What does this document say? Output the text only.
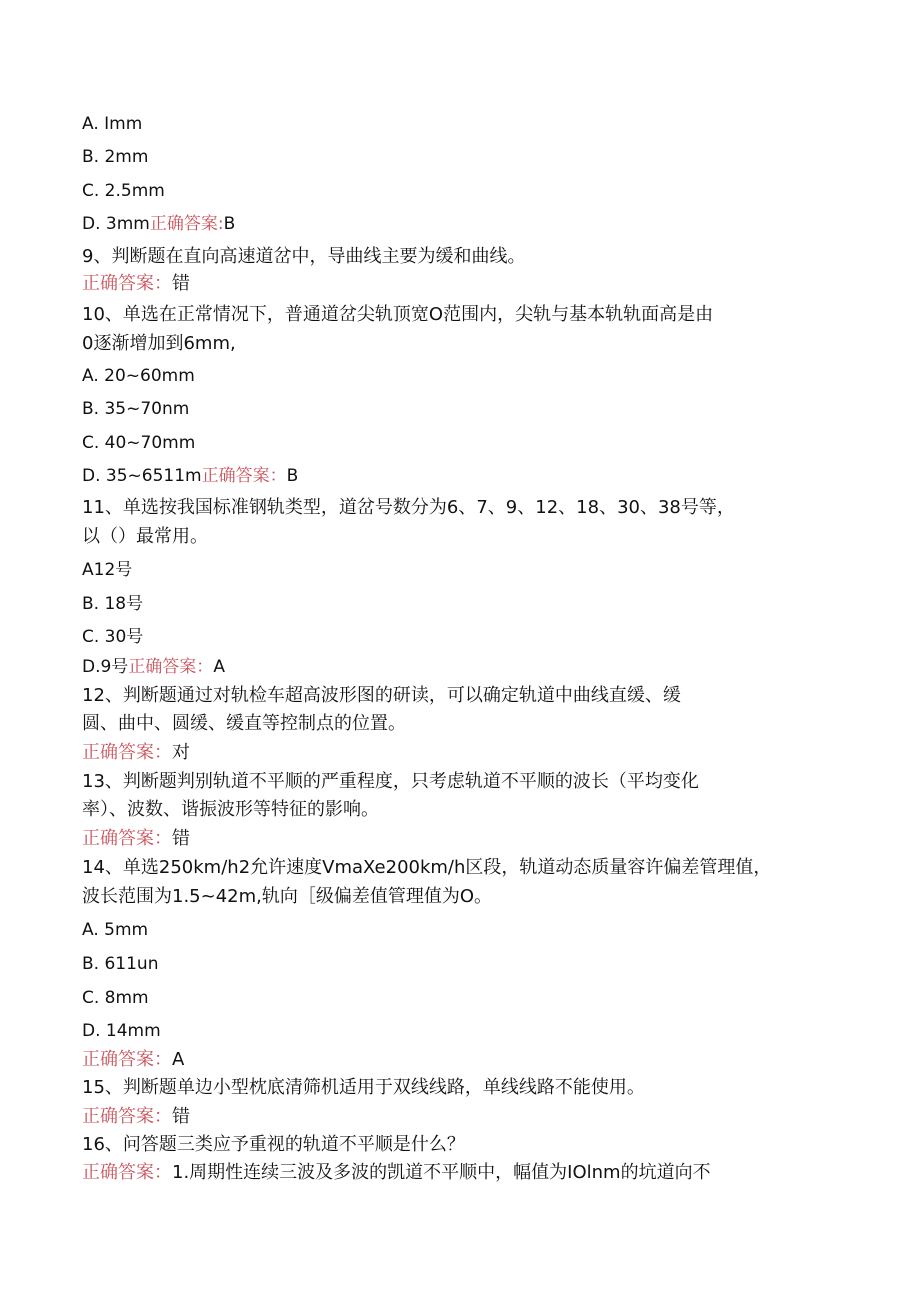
A. Imm
B. 2mm
C. 2.5mm
D. 3mm正确答案:B
9、判断题在直向高速道岔中，导曲线主要为缓和曲线。
正确答案：错
10、单选在正常情况下，普通道岔尖轨顶宽O范围内，尖轨与基本轨轨面高是由
0逐渐增加到6mm,
A. 20~60mm
B. 35~70nm
C. 40~70mm
D. 35~6511m正确答案：B
11、单选按我国标准钢轨类型，道岔号数分为6、7、9、12、18、30、38号等，
以（）最常用。
A12号
B. 18号
C. 30号
D.9号正确答案：A
12、判断题通过对轨检车超高波形图的研读，可以确定轨道中曲线直缓、缓
圆、曲中、圆缓、缓直等控制点的位置。
正确答案：对
13、判断题判别轨道不平顺的严重程度，只考虑轨道不平顺的波长（平均变化
率）、波数、谐振波形等特征的影响。
正确答案：错
14、单选250km∕h2允许速度VmaXe200km∕h区段，轨道动态质量容许偏差管理值，
波长范围为1.5~42m,轨向［级偏差值管理值为O。
A. 5mm
B. 611un
C. 8mm
D. 14mm
正确答案：A
15、判断题单边小型枕底清筛机适用于双线线路，单线线路不能使用。
正确答案：错
16、问答题三类应予重视的轨道不平顺是什么？
正确答案：1.周期性连续三波及多波的凯道不平顺中，幅值为IOlnm的坑道向不
